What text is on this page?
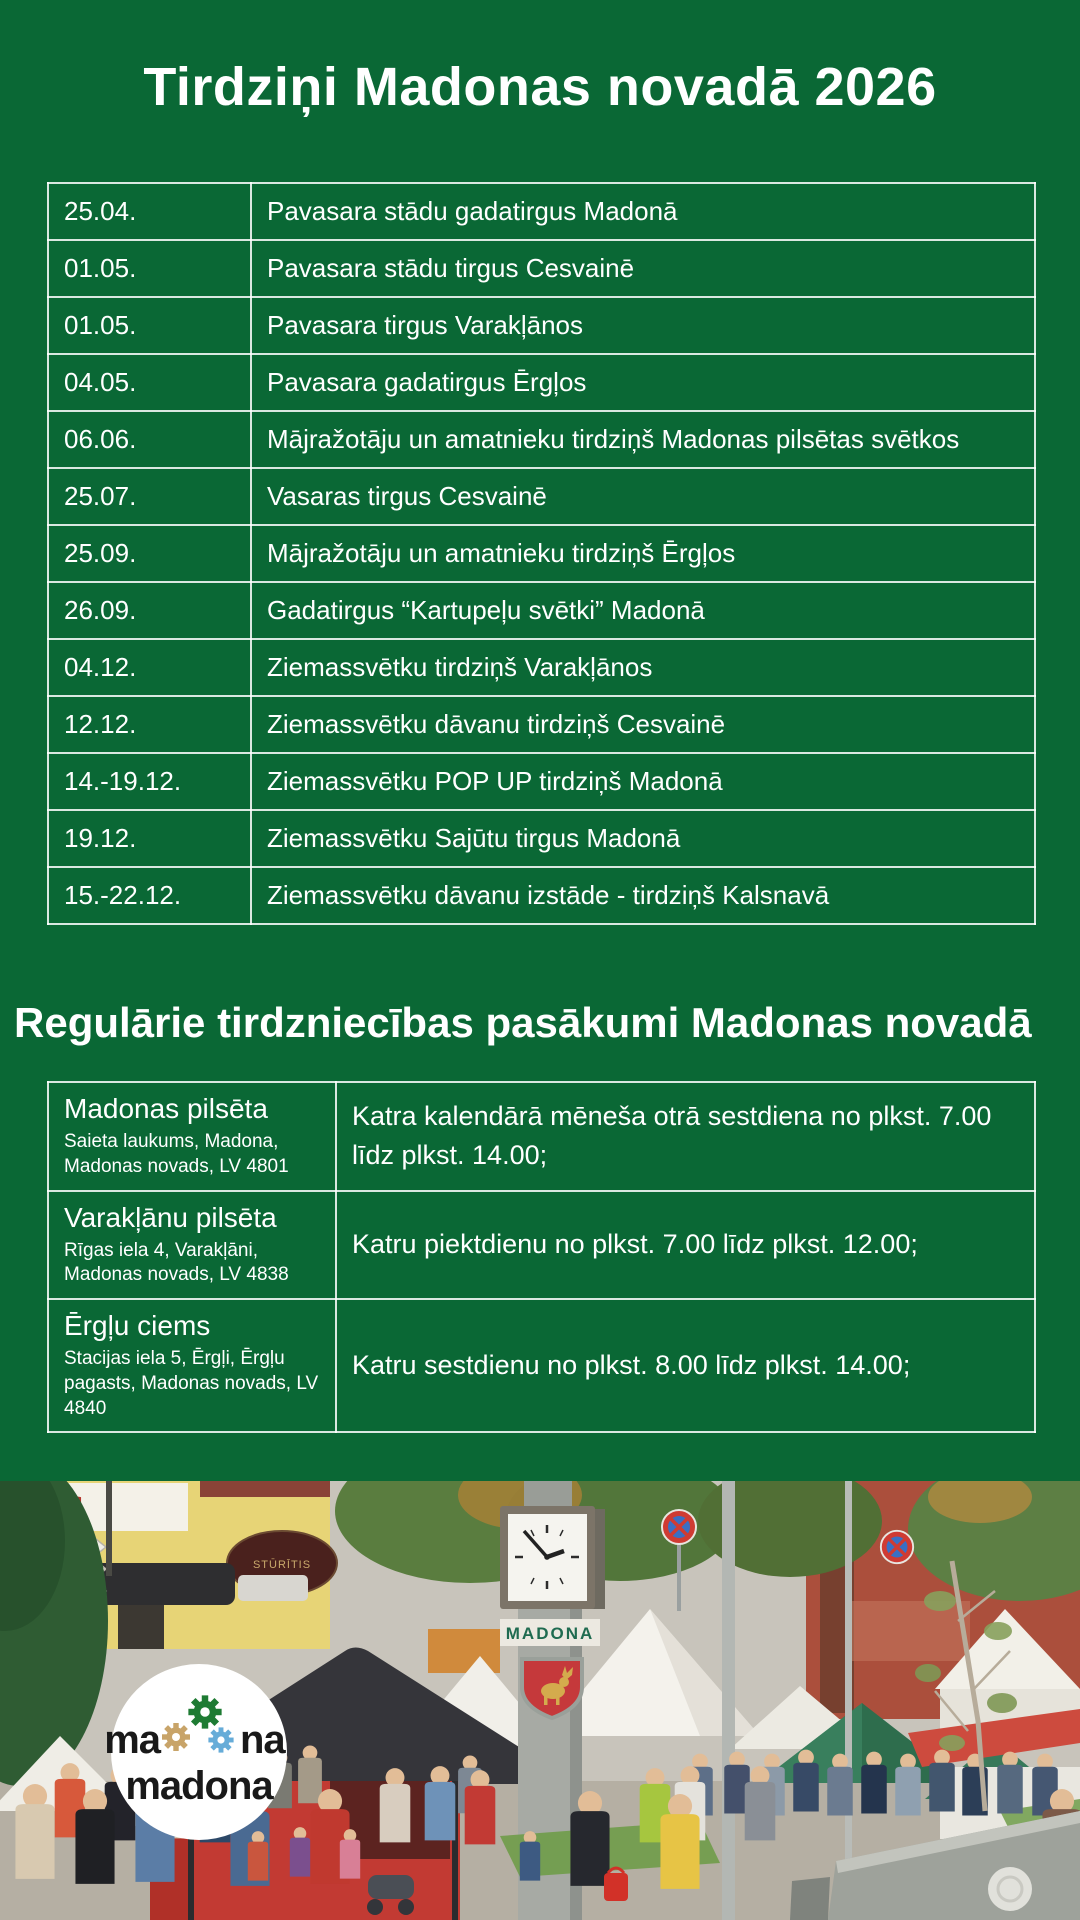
Tirdziņi Madonas novadā 2026
25.04.	Pavasara stādu gadatirgus Madonā
01.05.	Pavasara stādu tirgus Cesvainē
01.05.	Pavasara tirgus Varakļānos
04.05.	Pavasara gadatirgus Ērgļos
06.06.	Mājražotāju un amatnieku tirdziņš Madonas pilsētas svētkos
25.07.	Vasaras tirgus Cesvainē
25.09.	Mājražotāju un amatnieku tirdziņš Ērgļos
26.09.	Gadatirgus “Kartupeļu svētki” Madonā
04.12.	Ziemassvētku tirdziņš Varakļānos
12.12.	Ziemassvētku dāvanu tirdziņš Cesvainē
14.-19.12.	Ziemassvētku POP UP tirdziņš Madonā
19.12.	Ziemassvētku Sajūtu tirgus Madonā
15.-22.12.	Ziemassvētku dāvanu izstāde - tirdziņš Kalsnavā
Regulārie tirdzniecības pasākumi Madonas novadā
Madonas pilsēta
Saieta laukums, Madona, Madonas novads, LV 4801	Katra kalendārā mēneša otrā sestdiena no plkst. 7.00 līdz plkst. 14.00;

Varakļānu pilsēta
Rīgas iela 4, Varakļāni, Madonas novads, LV 4838	Katru piektdienu no plkst. 7.00 līdz plkst. 12.00;

Ērgļu ciems
Stacijas iela 5, Ērgļi, Ērgļu pagasts, Madonas novads, LV 4840	Katru sestdienu no plkst. 8.00 līdz plkst. 14.00;
STŪRĪTIS
MADONA
ma na
madona
